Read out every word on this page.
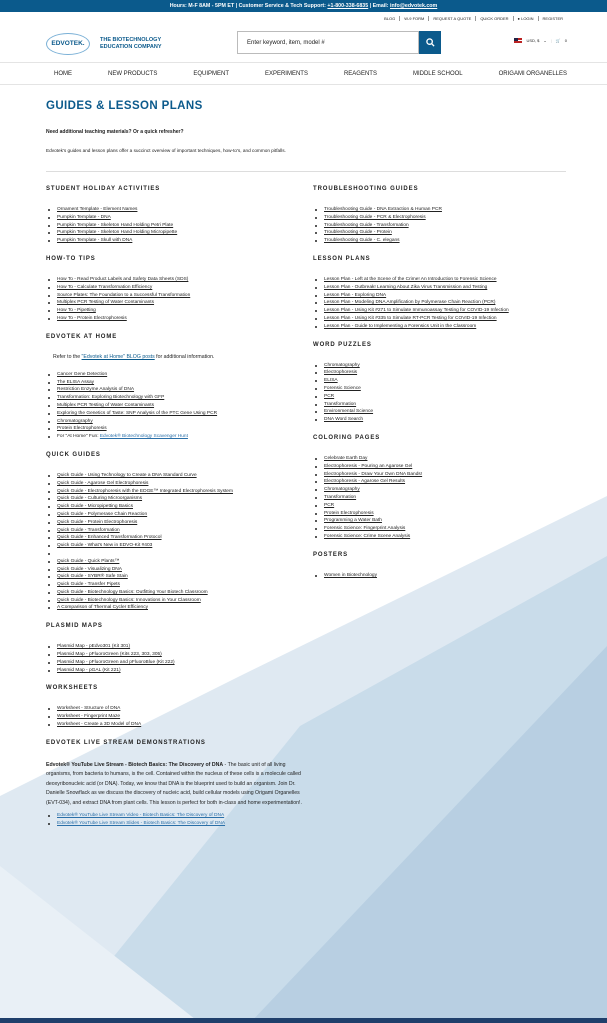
Hours: M-F 8AM - 5PM ET | Customer Service & Tech Support: +1-800-338-6835 | Email: info@edvotek.com
BLOG	W-9 FORM	REQUEST A QUOTE	QUICK ORDER	● LOGIN	REGISTER
EDVOTEK.	THE BIOTECHNOLOGY
EDUCATION COMPANY
Enter keyword, item, model #	USD, $ ⌄ | 🛒 0
HOME	NEW PRODUCTS	EQUIPMENT	EXPERIMENTS	REAGENTS	MIDDLE SCHOOL	ORIGAMI ORGANELLES
GUIDES & LESSON PLANS
Need additional teaching materials? Or a quick refresher?
Edvotek's guides and lesson plans offer a succinct overview of important techniques, how-to's, and common pitfalls.
STUDENT HOLIDAY ACTIVITIES
Ornament Template - Element Names
Pumpkin Template - DNA
Pumpkin Template - Skeleton Hand Holding Petri Plate
Pumpkin Template - Skeleton Hand Holding Micropipette
Pumpkin Template - Skull with DNA
HOW-TO TIPS
How To - Read Product Labels and Safety Data Sheets (SDS)
How To - Calculate Transformation Efficiency
Source Plates: The Foundation to a Successful Transformation
Multiplex PCR Testing of Water Contaminants
How To - Pipetting
How To - Protein Electrophoresis
EDVOTEK AT HOME
Refer to the "Edvotek at Home" BLOG posts for additional information.
Cancer Gene Detection
The ELISA Assay
Restriction Enzyme Analysis of DNA
Transformation: Exploring Biotechnology with GFP
Multiplex PCR Testing of Water Contaminants
Exploring the Genetics of Taste: SNP Analysis of the PTC Gene Using PCR
Chromatography
Protein Electrophoresis
For "At Home" Fun: Edvotek® Biotechnology Scavenger Hunt
QUICK GUIDES
Quick Guide - Using Technology to Create a DNA Standard Curve
Quick Guide - Agarose Gel Electrophoresis
Quick Guide - Electrophoresis with the EDGE™ Integrated Electrophoresis System
Quick Guide - Culturing Microorganisms
Quick Guide - Micropipetting Basics
Quick Guide - Polymerase Chain Reaction
Quick Guide - Protein Electrophoresis
Quick Guide - Transformation
Quick Guide - Enhanced Transformation Protocol
Quick Guide - What's New in EDVO-Kit #403
Quick Guide - Quick Plants™
Quick Guide - Visualizing DNA
Quick Guide - SYBR® Safe Stain
Quick Guide - Transfer Pipets
Quick Guide - Biotechnology Basics: Outfitting Your Biotech Classroom
Quick Guide - Biotechnology Basics: Innovations in Your Classroom
A Comparison of Thermal Cycler Efficiency
PLASMID MAPS
Plasmid Map - pEdvo301 (Kit 301)
Plasmid Map - pFluoroGreen (Kits 223, 303, 305)
Plasmid Map - pFluoroGreen and pFluoroBlue (Kit 222)
Plasmid Map - pGAL (Kit 221)
WORKSHEETS
Worksheet - Structure of DNA
Worksheet - Fingerprint Maze
Worksheet - Create a 3D Model of DNA
EDVOTEK LIVE STREAM DEMONSTRATIONS
Edvotek® YouTube Live Stream - Biotech Basics: The Discovery of DNA - The basic unit of all living organisms, from bacteria to humans, is the cell. Contained within the nucleus of these cells is a molecule called deoxyribonucleic acid (or DNA). Today, we know that DNA is the blueprint used to build an organism. Join Dr. Danielle Snowflack as we discuss the discovery of nucleic acid, build cellular models using Origami Organelles (EVT-034), and extract DNA from plant cells. This lesson is perfect for both in-class and home experimentation!.
Edvotek® YouTube Live Stream Video - Biotech Basics: The Discovery of DNA
Edvotek® YouTube Live Stream Slides - Biotech Basics: The Discovery of DNA
TROUBLESHOOTING GUIDES
Troubleshooting Guide - DNA Extraction & Human PCR
Troubleshooting Guide - PCR & Electrophoresis
Troubleshooting Guide - Transformation
Troubleshooting Guide - Protein
Troubleshooting Guide - C. elegans
LESSON PLANS
Lesson Plan - Left at the Scene of the Crime! An Introduction to Forensic Science
Lesson Plan - Outbreak! Learning About Zika Virus Transmission and Testing
Lesson Plan - Exploring DNA
Lesson Plan - Modeling DNA Amplification by Polymerase Chain Reaction (PCR)
Lesson Plan - Using Kit #271 to Simulate Immunoassay Testing for COVID-19 Infection
Lesson Plan - Using Kit #335 to Simulate RT-PCR Testing for COVID-19 Infection
Lesson Plan - Guide to Implementing a Forensics Unit in the Classroom
WORD PUZZLES
Chromatography
Electrophoresis
ELISA
Forensic Science
PCR
Transformation
Environmental Science
DNA Word Search
COLORING PAGES
Celebrate Earth Day
Electrophoresis - Pouring an Agarose Gel
Electrophoresis - Draw Your Own DNA Bands!
Electrophoresis - Agarose Gel Results
Chromatography
Transformation
PCR
Protein Electrophoresis
Programming a Water Bath
Forensic Science: Fingerprint Analysis
Forensic Science: Crime Scene Analysis
POSTERS
Women in Biotechnology
